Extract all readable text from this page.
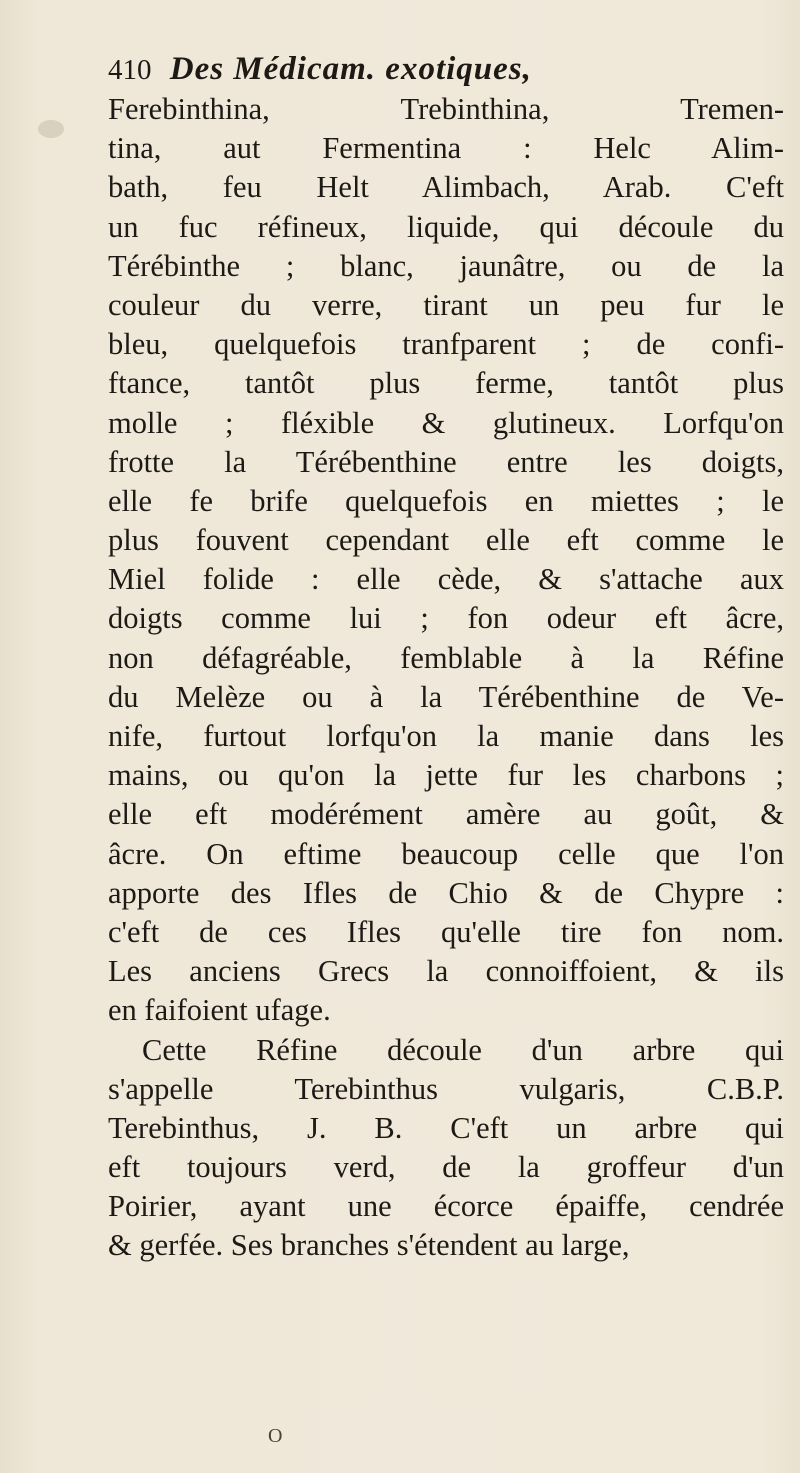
410 Des Médicam. exotiques,
Ferebinthina, Trebinthina, Tremen-
tina, aut Fermentina : Helc Alim-
bath, feu Helt Alimbach, Arab. C'eft
un fuc réfineux, liquide, qui découle du
Térébinthe ; blanc, jaunâtre, ou de la
couleur du verre, tirant un peu fur le
bleu, quelquefois tranfparent ; de confi-
ftance, tantôt plus ferme, tantôt plus
molle ; fléxible & glutineux. Lorfqu'on
frotte la Térébenthine entre les doigts,
elle fe brife quelquefois en miettes ; le
plus fouvent cependant elle eft comme le
Miel folide : elle cède, & s'attache aux
doigts comme lui ; fon odeur eft âcre,
non défagréable, femblable à la Réfine
du Melèze ou à la Térébenthine de Ve-
nife, furtout lorfqu'on la manie dans les
mains, ou qu'on la jette fur les charbons ;
elle eft modérément amère au goût, &
âcre. On eftime beaucoup celle que l'on
apporte des Ifles de Chio & de Chypre :
c'eft de ces Ifles qu'elle tire fon nom.
Les anciens Grecs la connoiffoient, & ils
en faifoient ufage.
Cette Réfine découle d'un arbre qui
s'appelle Terebinthus vulgaris, C.B.P.
Terebinthus, J. B. C'eft un arbre qui
eft toujours verd, de la groffeur d'un
Poirier, ayant une écorce épaiffe, cendrée
& gerfée. Ses branches s'étendent au large,
O
